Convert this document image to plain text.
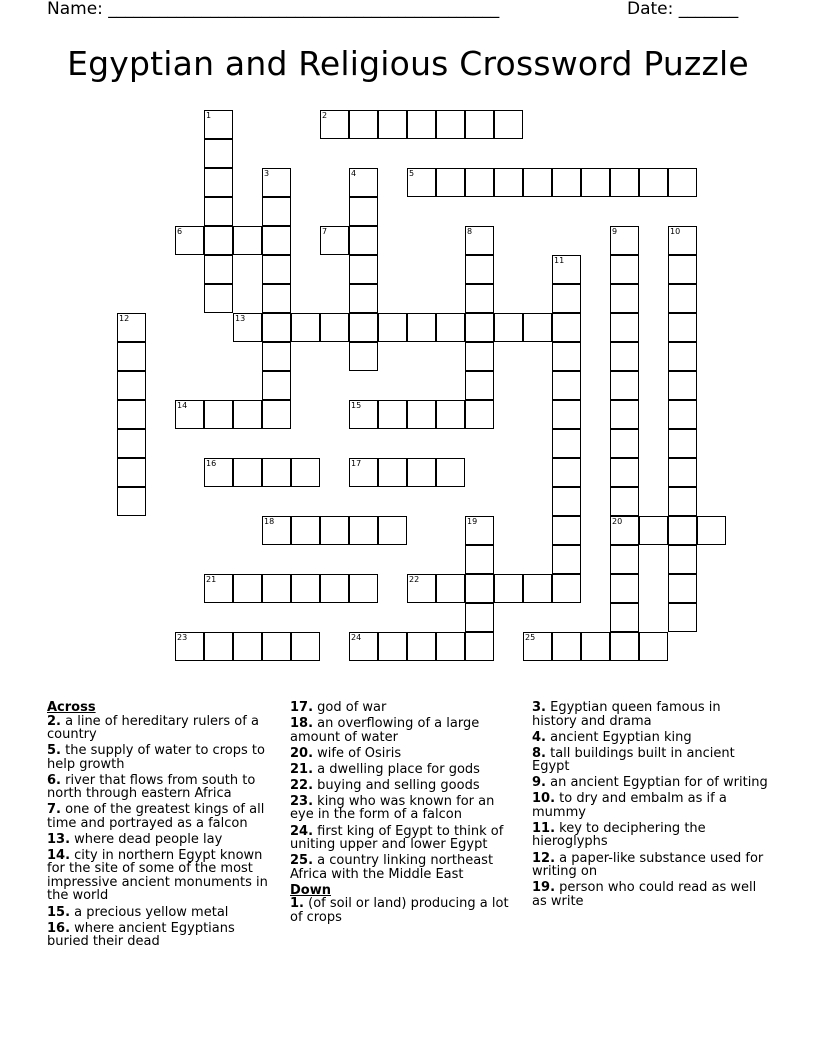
Name: ______________________________________________	Date: _______
Egyptian and Religious Crossword Puzzle
1	2
3	4	5
6	7	8	9	10
11
12	13
14	15
16	17
18	19	20
21	22
23	24	25
Across
2. a line of hereditary rulers of a country
5. the supply of water to crops to help growth
6. river that flows from south to north through eastern Africa
7. one of the greatest kings of all time and portrayed as a falcon
13. where dead people lay
14. city in northern Egypt known for the site of some of the most impressive ancient monuments in the world
15. a precious yellow metal
16. where ancient Egyptians buried their dead
17. god of war
18. an overflowing of a large amount of water
20. wife of Osiris
21. a dwelling place for gods
22. buying and selling goods
23. king who was known for an eye in the form of a falcon
24. first king of Egypt to think of uniting upper and lower Egypt
25. a country linking northeast Africa with the Middle East
Down
1. (of soil or land) producing a lot of crops
3. Egyptian queen famous in history and drama
4. ancient Egyptian king
8. tall buildings built in ancient Egypt
9. an ancient Egyptian for of writing
10. to dry and embalm as if a mummy
11. key to deciphering the hieroglyphs
12. a paper-like substance used for writing on
19. person who could read as well as write
